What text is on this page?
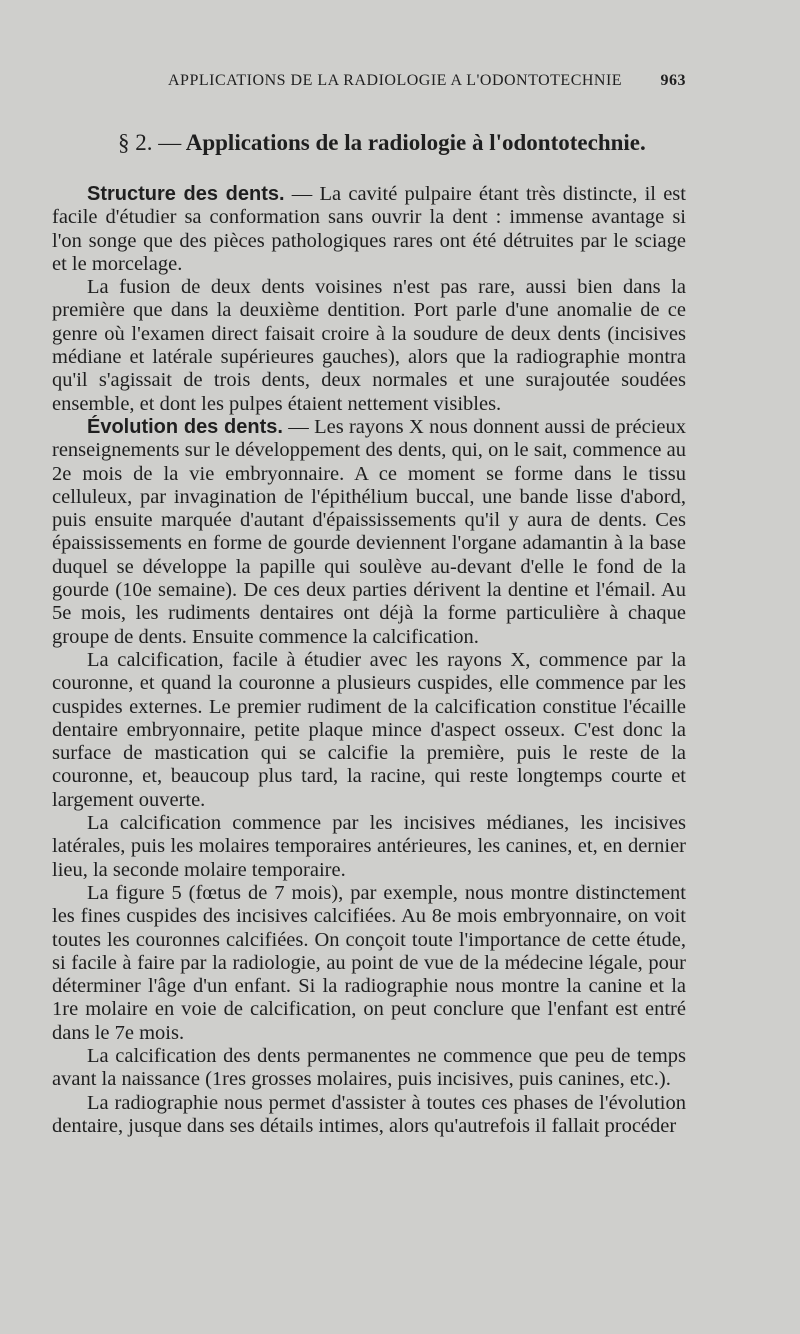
APPLICATIONS DE LA RADIOLOGIE A L'ODONTOTECHNIE 963
§ 2. — Applications de la radiologie à l'odontotechnie.

Structure des dents. — La cavité pulpaire étant très distincte, il est facile d'étudier sa conformation sans ouvrir la dent : immense avantage si l'on songe que des pièces pathologiques rares ont été détruites par le sciage et le morcelage.

La fusion de deux dents voisines n'est pas rare, aussi bien dans la première que dans la deuxième dentition. Port parle d'une anomalie de ce genre où l'examen direct faisait croire à la soudure de deux dents (incisives médiane et latérale supérieures gauches), alors que la radiographie montra qu'il s'agissait de trois dents, deux normales et une surajoutée soudées ensemble, et dont les pulpes étaient nettement visibles.

Évolution des dents. — Les rayons X nous donnent aussi de précieux renseignements sur le développement des dents, qui, on le sait, commence au 2e mois de la vie embryonnaire. A ce moment se forme dans le tissu celluleux, par invagination de l'épithélium buccal, une bande lisse d'abord, puis ensuite marquée d'autant d'épaississements qu'il y aura de dents. Ces épaississements en forme de gourde deviennent l'organe adamantin à la base duquel se développe la papille qui soulève au-devant d'elle le fond de la gourde (10e semaine). De ces deux parties dérivent la dentine et l'émail. Au 5e mois, les rudiments dentaires ont déjà la forme particulière à chaque groupe de dents. Ensuite commence la calcification.

La calcification, facile à étudier avec les rayons X, commence par la couronne, et quand la couronne a plusieurs cuspides, elle commence par les cuspides externes. Le premier rudiment de la calcification constitue l'écaille dentaire embryonnaire, petite plaque mince d'aspect osseux. C'est donc la surface de mastication qui se calcifie la première, puis le reste de la couronne, et, beaucoup plus tard, la racine, qui reste longtemps courte et largement ouverte.

La calcification commence par les incisives médianes, les incisives latérales, puis les molaires temporaires antérieures, les canines, et, en dernier lieu, la seconde molaire temporaire.

La figure 5 (fœtus de 7 mois), par exemple, nous montre distinctement les fines cuspides des incisives calcifiées. Au 8e mois embryonnaire, on voit toutes les couronnes calcifiées. On conçoit toute l'importance de cette étude, si facile à faire par la radiologie, au point de vue de la médecine légale, pour déterminer l'âge d'un enfant. Si la radiographie nous montre la canine et la 1re molaire en voie de calcification, on peut conclure que l'enfant est entré dans le 7e mois.

La calcification des dents permanentes ne commence que peu de temps avant la naissance (1res grosses molaires, puis incisives, puis canines, etc.).

La radiographie nous permet d'assister à toutes ces phases de l'évolution dentaire, jusque dans ses détails intimes, alors qu'autrefois il fallait procéder
